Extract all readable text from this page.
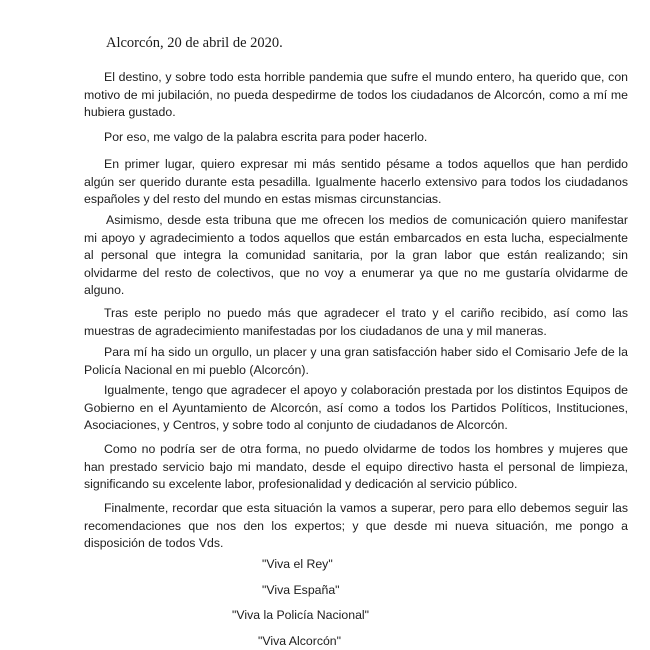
Alcorcón, 20 de abril de 2020.

El destino, y sobre todo esta horrible pandemia que sufre el mundo entero, ha querido que, con motivo de mi jubilación, no pueda despedirme de todos los ciudadanos de Alcorcón, como a mí me hubiera gustado.

Por eso, me valgo de la palabra escrita para poder hacerlo.

En primer lugar, quiero expresar mi más sentido pésame a todos aquellos que han perdido algún ser querido durante esta pesadilla. Igualmente hacerlo extensivo para todos los ciudadanos españoles y del resto del mundo en estas mismas circunstancias.

Asimismo, desde esta tribuna que me ofrecen los medios de comunicación quiero manifestar mi apoyo y agradecimiento a todos aquellos que están embarcados en esta lucha, especialmente al personal que integra la comunidad sanitaria, por la gran labor que están realizando; sin olvidarme del resto de colectivos, que no voy a enumerar ya que no me gustaría olvidarme de alguno.

Tras este periplo no puedo más que agradecer el trato y el cariño recibido, así como las muestras de agradecimiento manifestadas por los ciudadanos de una y mil maneras.

Para mí ha sido un orgullo, un placer y una gran satisfacción haber sido el Comisario Jefe de la Policía Nacional en mi pueblo (Alcorcón).

Igualmente, tengo que agradecer el apoyo y colaboración prestada por los distintos Equipos de Gobierno en el Ayuntamiento de Alcorcón, así como a todos los Partidos Políticos, Instituciones, Asociaciones, y Centros, y sobre todo al conjunto de ciudadanos de Alcorcón.

Como no podría ser de otra forma, no puedo olvidarme de todos los hombres y mujeres que han prestado servicio bajo mi mandato, desde el equipo directivo hasta el personal de limpieza, significando su excelente labor, profesionalidad y dedicación al servicio público.

Finalmente, recordar que esta situación la vamos a superar, pero para ello debemos seguir las recomendaciones que nos den los expertos; y que desde mi nueva situación, me pongo a disposición de todos Vds.

"Viva el Rey"
"Viva España"
"Viva la Policía Nacional"
"Viva Alcorcón"
